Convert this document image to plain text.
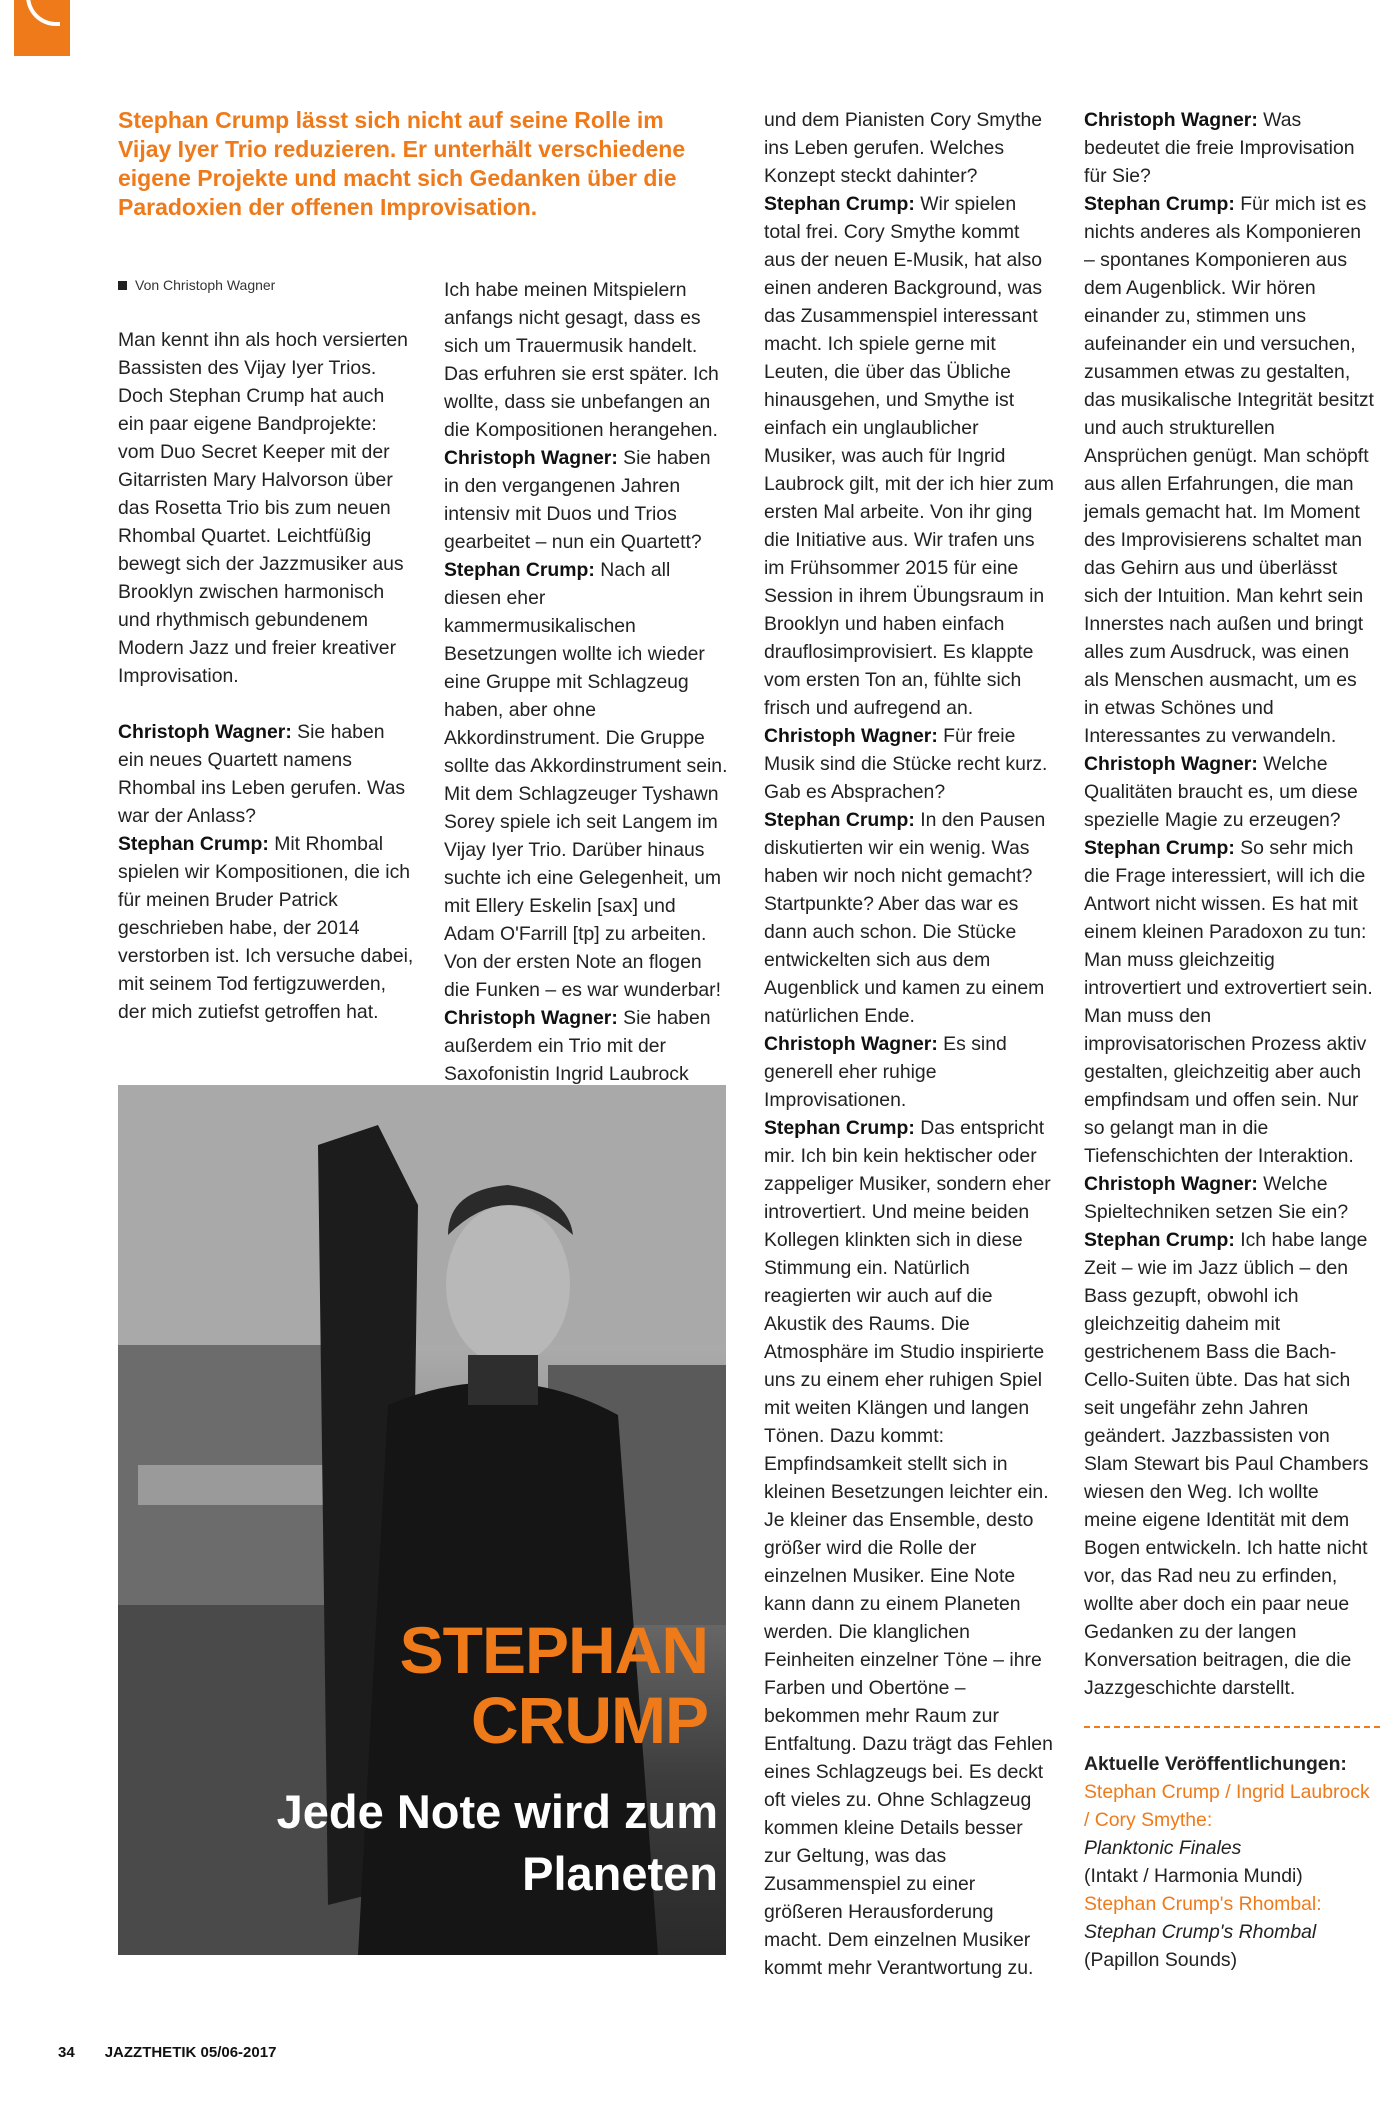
Stephan Crump lässt sich nicht auf seine Rolle im Vijay Iyer Trio reduzieren. Er unterhält verschiedene eigene Projekte und macht sich Gedanken über die Paradoxien der offenen Improvisation.
Von Christoph Wagner

Man kennt ihn als hoch versierten Bassisten des Vijay Iyer Trios. Doch Stephan Crump hat auch ein paar eigene Bandprojekte: vom Duo Secret Keeper mit der Gitarristen Mary Halvorson über das Rosetta Trio bis zum neuen Rhombal Quartet. Leichtfüßig bewegt sich der Jazzmusiker aus Brooklyn zwischen harmonisch und rhythmisch gebundenem Modern Jazz und freier kreativer Improvisation.

Christoph Wagner: Sie haben ein neues Quartett namens Rhombal ins Leben gerufen. Was war der Anlass?

Stephan Crump: Mit Rhombal spielen wir Kompositionen, die ich für meinen Bruder Patrick geschrieben habe, der 2014 verstorben ist. Ich versuche dabei, mit seinem Tod fertigzuwerden, der mich zutiefst getroffen hat.

Ich habe meinen Mitspielern anfangs nicht gesagt, dass es sich um Trauermusik handelt. Das erfuhren sie erst später. Ich wollte, dass sie unbefangen an die Kompositionen herangehen.

Christoph Wagner: Sie haben in den vergangenen Jahren intensiv mit Duos und Trios gearbeitet – nun ein Quartett?

Stephan Crump: Nach all diesen eher kammermusikalischen Besetzungen wollte ich wieder eine Gruppe mit Schlagzeug haben, aber ohne Akkordinstrument. Die Gruppe sollte das Akkordinstrument sein. Mit dem Schlagzeuger Tyshawn Sorey spiele ich seit Langem im Vijay Iyer Trio. Darüber hinaus suchte ich eine Gelegenheit, um mit Ellery Eskelin [sax] und Adam O'Farrill [tp] zu arbeiten. Von der ersten Note an flogen die Funken – es war wunderbar!

Christoph Wagner: Sie haben außerdem ein Trio mit der Saxofonistin Ingrid Laubrock

STEPHAN CRUMP
Jede Note wird zum Planeten

und dem Pianisten Cory Smythe ins Leben gerufen. Welches Konzept steckt dahinter?

Stephan Crump: Wir spielen total frei. Cory Smythe kommt aus der neuen E-Musik, hat also einen anderen Background, was das Zusammenspiel interessant macht. Ich spiele gerne mit Leuten, die über das Übliche hinausgehen, und Smythe ist einfach ein unglaublicher Musiker, was auch für Ingrid Laubrock gilt, mit der ich hier zum ersten Mal arbeite. Von ihr ging die Initiative aus. Wir trafen uns im Frühsommer 2015 für eine Session in ihrem Übungsraum in Brooklyn und haben einfach drauflosimprovisiert. Es klappte vom ersten Ton an, fühlte sich frisch und aufregend an.

Christoph Wagner: Für freie Musik sind die Stücke recht kurz. Gab es Absprachen?

Stephan Crump: In den Pausen diskutierten wir ein wenig. Was haben wir noch nicht gemacht? Startpunkte? Aber das war es dann auch schon. Die Stücke entwickelten sich aus dem Augenblick und kamen zu einem natürlichen Ende.

Christoph Wagner: Es sind generell eher ruhige Improvisationen.

Stephan Crump: Das entspricht mir. Ich bin kein hektischer oder zappeliger Musiker, sondern eher introvertiert. Und meine beiden Kollegen klinkten sich in diese Stimmung ein. Natürlich reagierten wir auch auf die Akustik des Raums. Die Atmosphäre im Studio inspirierte uns zu einem eher ruhigen Spiel mit weiten Klängen und langen Tönen. Dazu kommt: Empfindsamkeit stellt sich in kleinen Besetzungen leichter ein. Je kleiner das Ensemble, desto größer wird die Rolle der einzelnen Musiker. Eine Note kann dann zu einem Planeten werden. Die klanglichen Feinheiten einzelner Töne – ihre Farben und Obertöne – bekommen mehr Raum zur Entfaltung. Dazu trägt das Fehlen eines Schlagzeugs bei. Es deckt oft vieles zu. Ohne Schlagzeug kommen kleine Details besser zur Geltung, was das Zusammenspiel zu einer größeren Herausforderung macht. Dem einzelnen Musiker kommt mehr Verantwortung zu.

Christoph Wagner: Was bedeutet die freie Improvisation für Sie?

Stephan Crump: Für mich ist es nichts anderes als Komponieren – spontanes Komponieren aus dem Augenblick. Wir hören einander zu, stimmen uns aufeinander ein und versuchen, zusammen etwas zu gestalten, das musikalische Integrität besitzt und auch strukturellen Ansprüchen genügt. Man schöpft aus allen Erfahrungen, die man jemals gemacht hat. Im Moment des Improvisierens schaltet man das Gehirn aus und überlässt sich der Intuition. Man kehrt sein Innerstes nach außen und bringt alles zum Ausdruck, was einen als Menschen ausmacht, um es in etwas Schönes und Interessantes zu verwandeln.

Christoph Wagner: Welche Qualitäten braucht es, um diese spezielle Magie zu erzeugen?

Stephan Crump: So sehr mich die Frage interessiert, will ich die Antwort nicht wissen. Es hat mit einem kleinen Paradoxon zu tun: Man muss gleichzeitig introvertiert und extrovertiert sein. Man muss den improvisatorischen Prozess aktiv gestalten, gleichzeitig aber auch empfindsam und offen sein. Nur so gelangt man in die Tiefenschichten der Interaktion.

Christoph Wagner: Welche Spieltechniken setzen Sie ein?

Stephan Crump: Ich habe lange Zeit – wie im Jazz üblich – den Bass gezupft, obwohl ich gleichzeitig daheim mit gestrichenem Bass die Bach-Cello-Suiten übte. Das hat sich seit ungefähr zehn Jahren geändert. Jazzbassisten von Slam Stewart bis Paul Chambers wiesen den Weg. Ich wollte meine eigene Identität mit dem Bogen entwickeln. Ich hatte nicht vor, das Rad neu zu erfinden, wollte aber doch ein paar neue Gedanken zu der langen Konversation beitragen, die die Jazzgeschichte darstellt.

Aktuelle Veröffentlichungen:

Stephan Crump / Ingrid Laubrock / Cory Smythe:

Planktonic Finales

(Intakt / Harmonia Mundi)

Stephan Crump's Rhombal:

Stephan Crump's Rhombal

(Papillon Sounds)

34 JAZZTHETIK 05/06-2017
